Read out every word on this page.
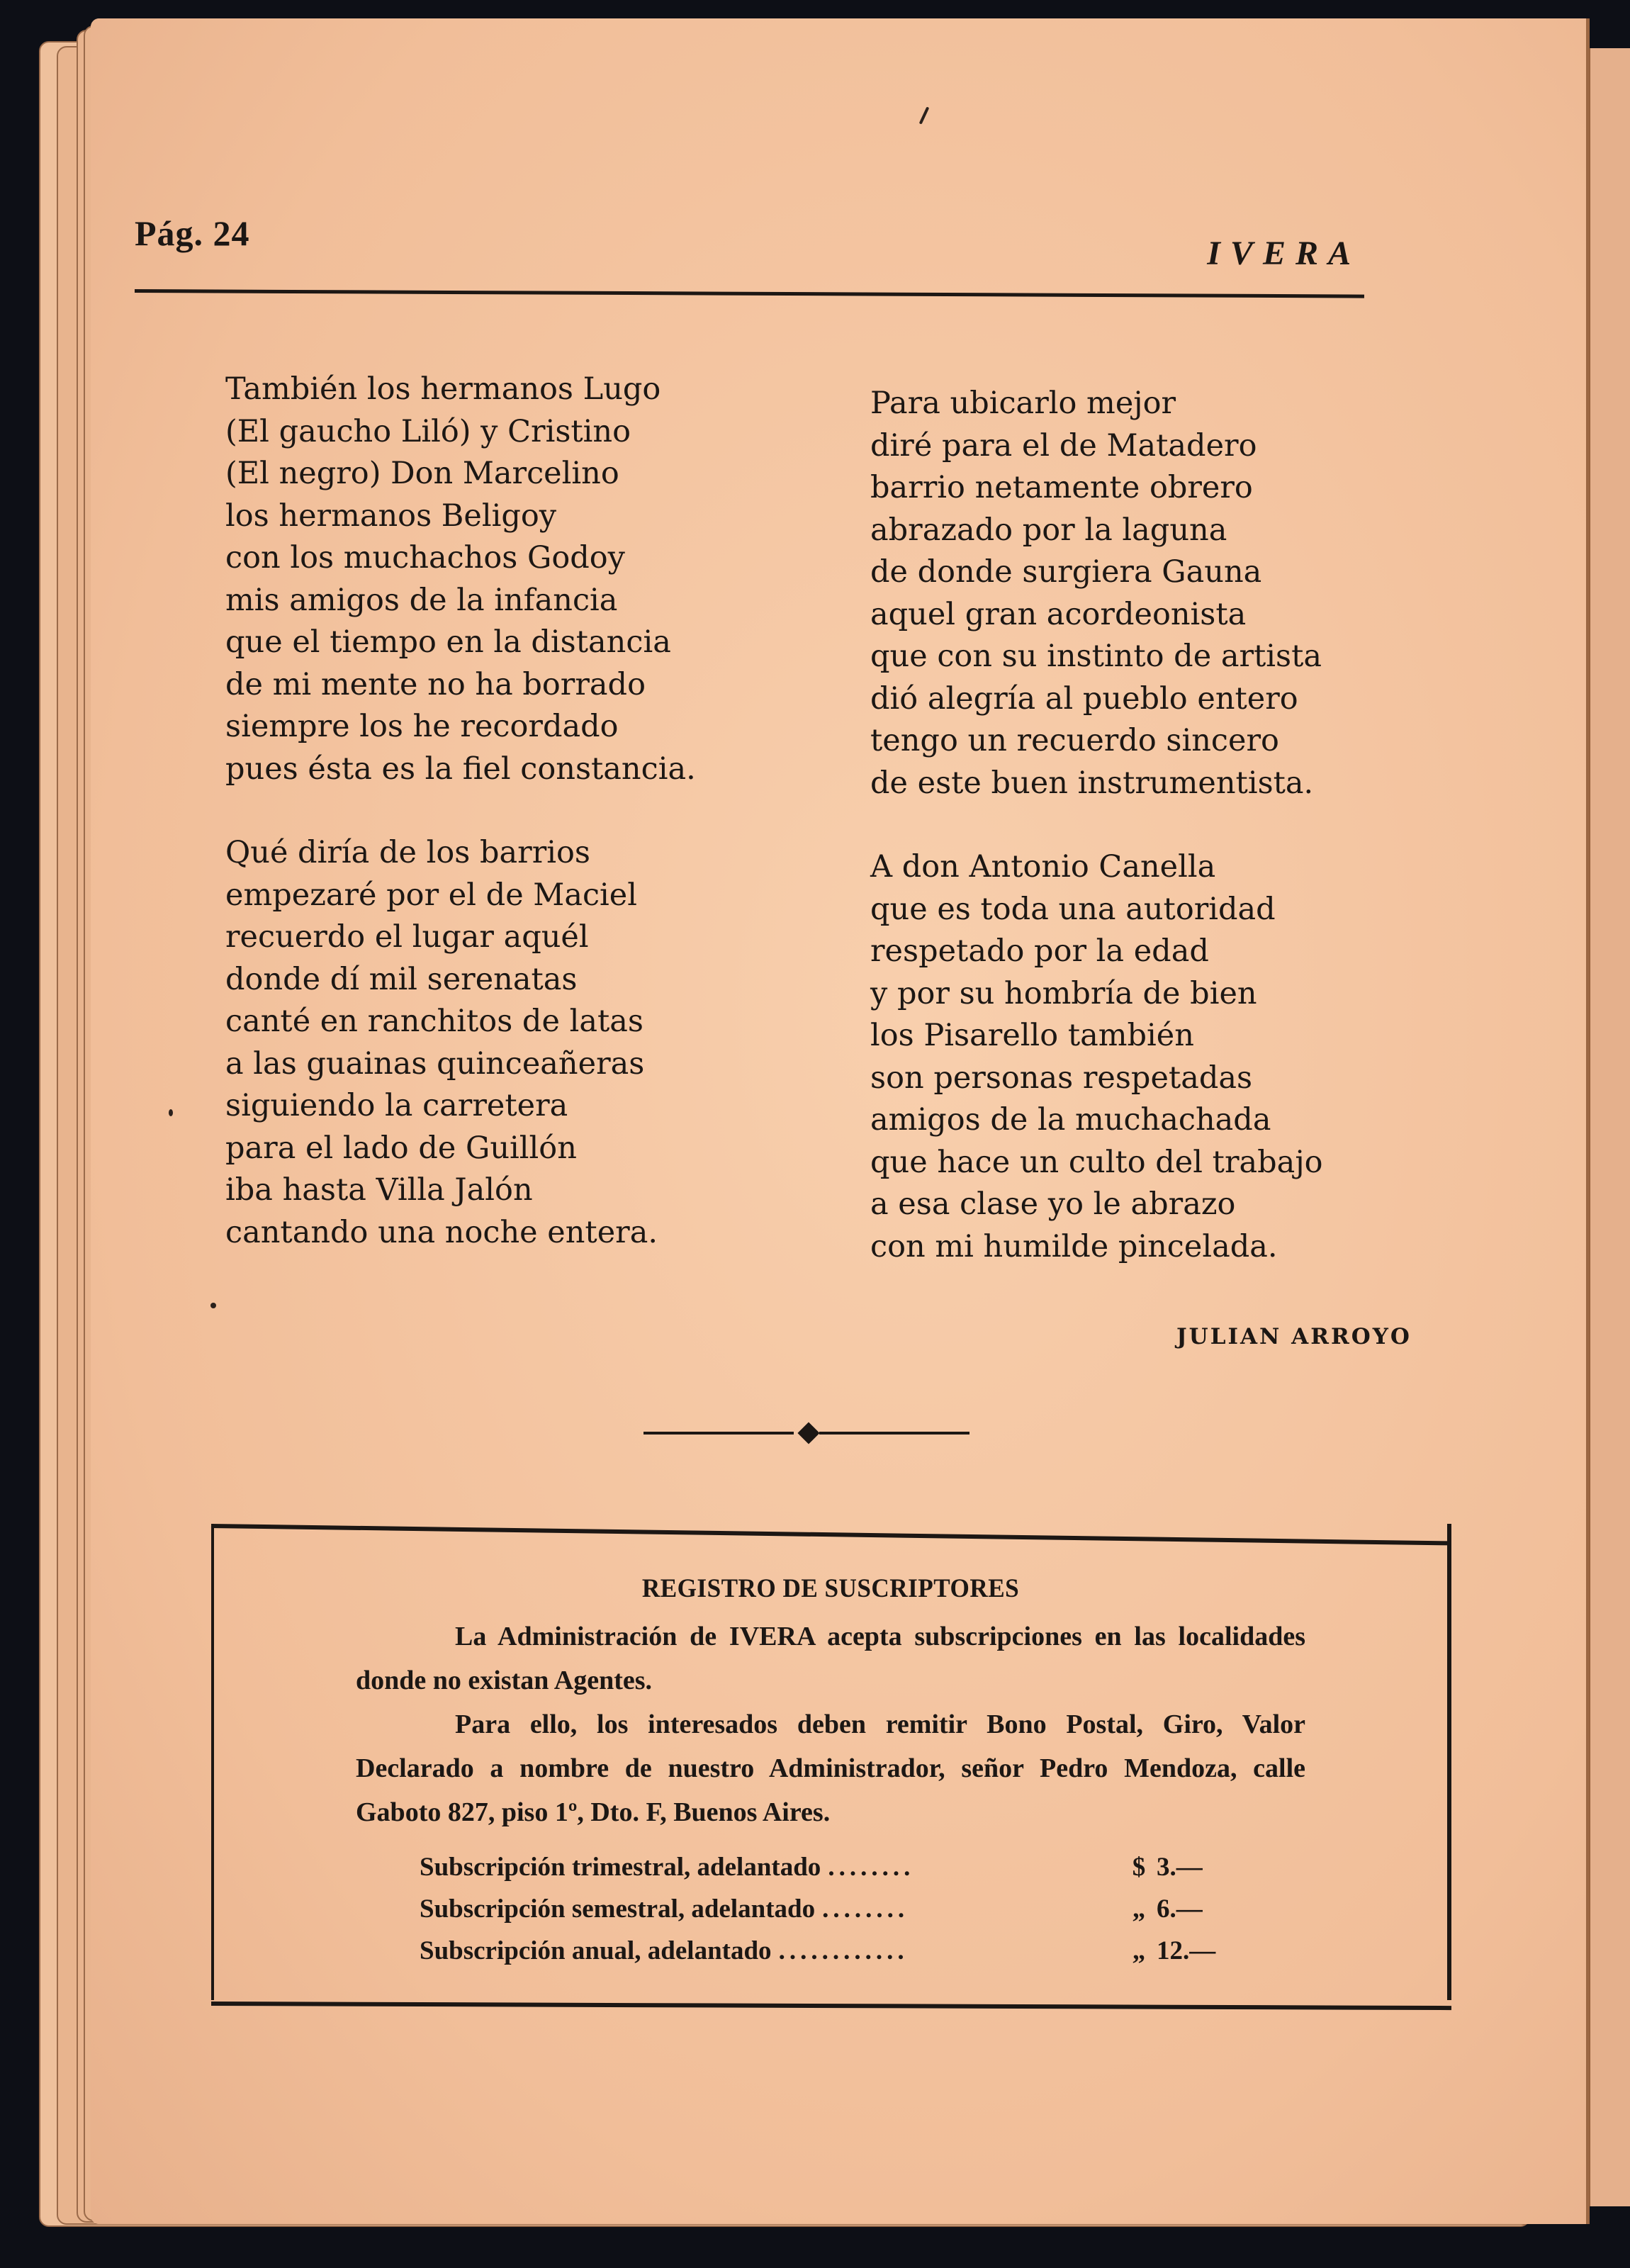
Pág. 24
IVERA
También los hermanos Lugo
(El gaucho Liló) y Cristino
(El negro) Don Marcelino
los hermanos Beligoy
con los muchachos Godoy
mis amigos de la infancia
que el tiempo en la distancia
de mi mente no ha borrado
siempre los he recordado
pues ésta es la fiel constancia.
Qué diría de los barrios
empezaré por el de Maciel
recuerdo el lugar aquél
donde dí mil serenatas
canté en ranchitos de latas
a las guainas quinceañeras
siguiendo la carretera
para el lado de Guillón
iba hasta Villa Jalón
cantando una noche entera.
Para ubicarlo mejor
diré para el de Matadero
barrio netamente obrero
abrazado por la laguna
de donde surgiera Gauna
aquel gran acordeonista
que con su instinto de artista
dió alegría al pueblo entero
tengo un recuerdo sincero
de este buen instrumentista.
A don Antonio Canella
que es toda una autoridad
respetado por la edad
y por su hombría de bien
los Pisarello también
son personas respetadas
amigos de la muchachada
que hace un culto del trabajo
a esa clase yo le abrazo
con mi humilde pincelada.
JULIAN ARROYO
REGISTRO DE SUSCRIPTORES

La Administración de IVERA acepta subscripciones en las localidades donde no existan Agentes.

Para ello, los interesados deben remitir Bono Postal, Giro, Valor Declarado a nombre de nuestro Administrador, señor Pedro Mendoza, calle Gaboto 827, piso 1º, Dto. F, Buenos Aires.

Subscripción trimestral, adelantado ........	$ 3.—
Subscripción semestral, adelantado ........	„ 6.—
Subscripción anual, adelantado ............	„ 12.—
